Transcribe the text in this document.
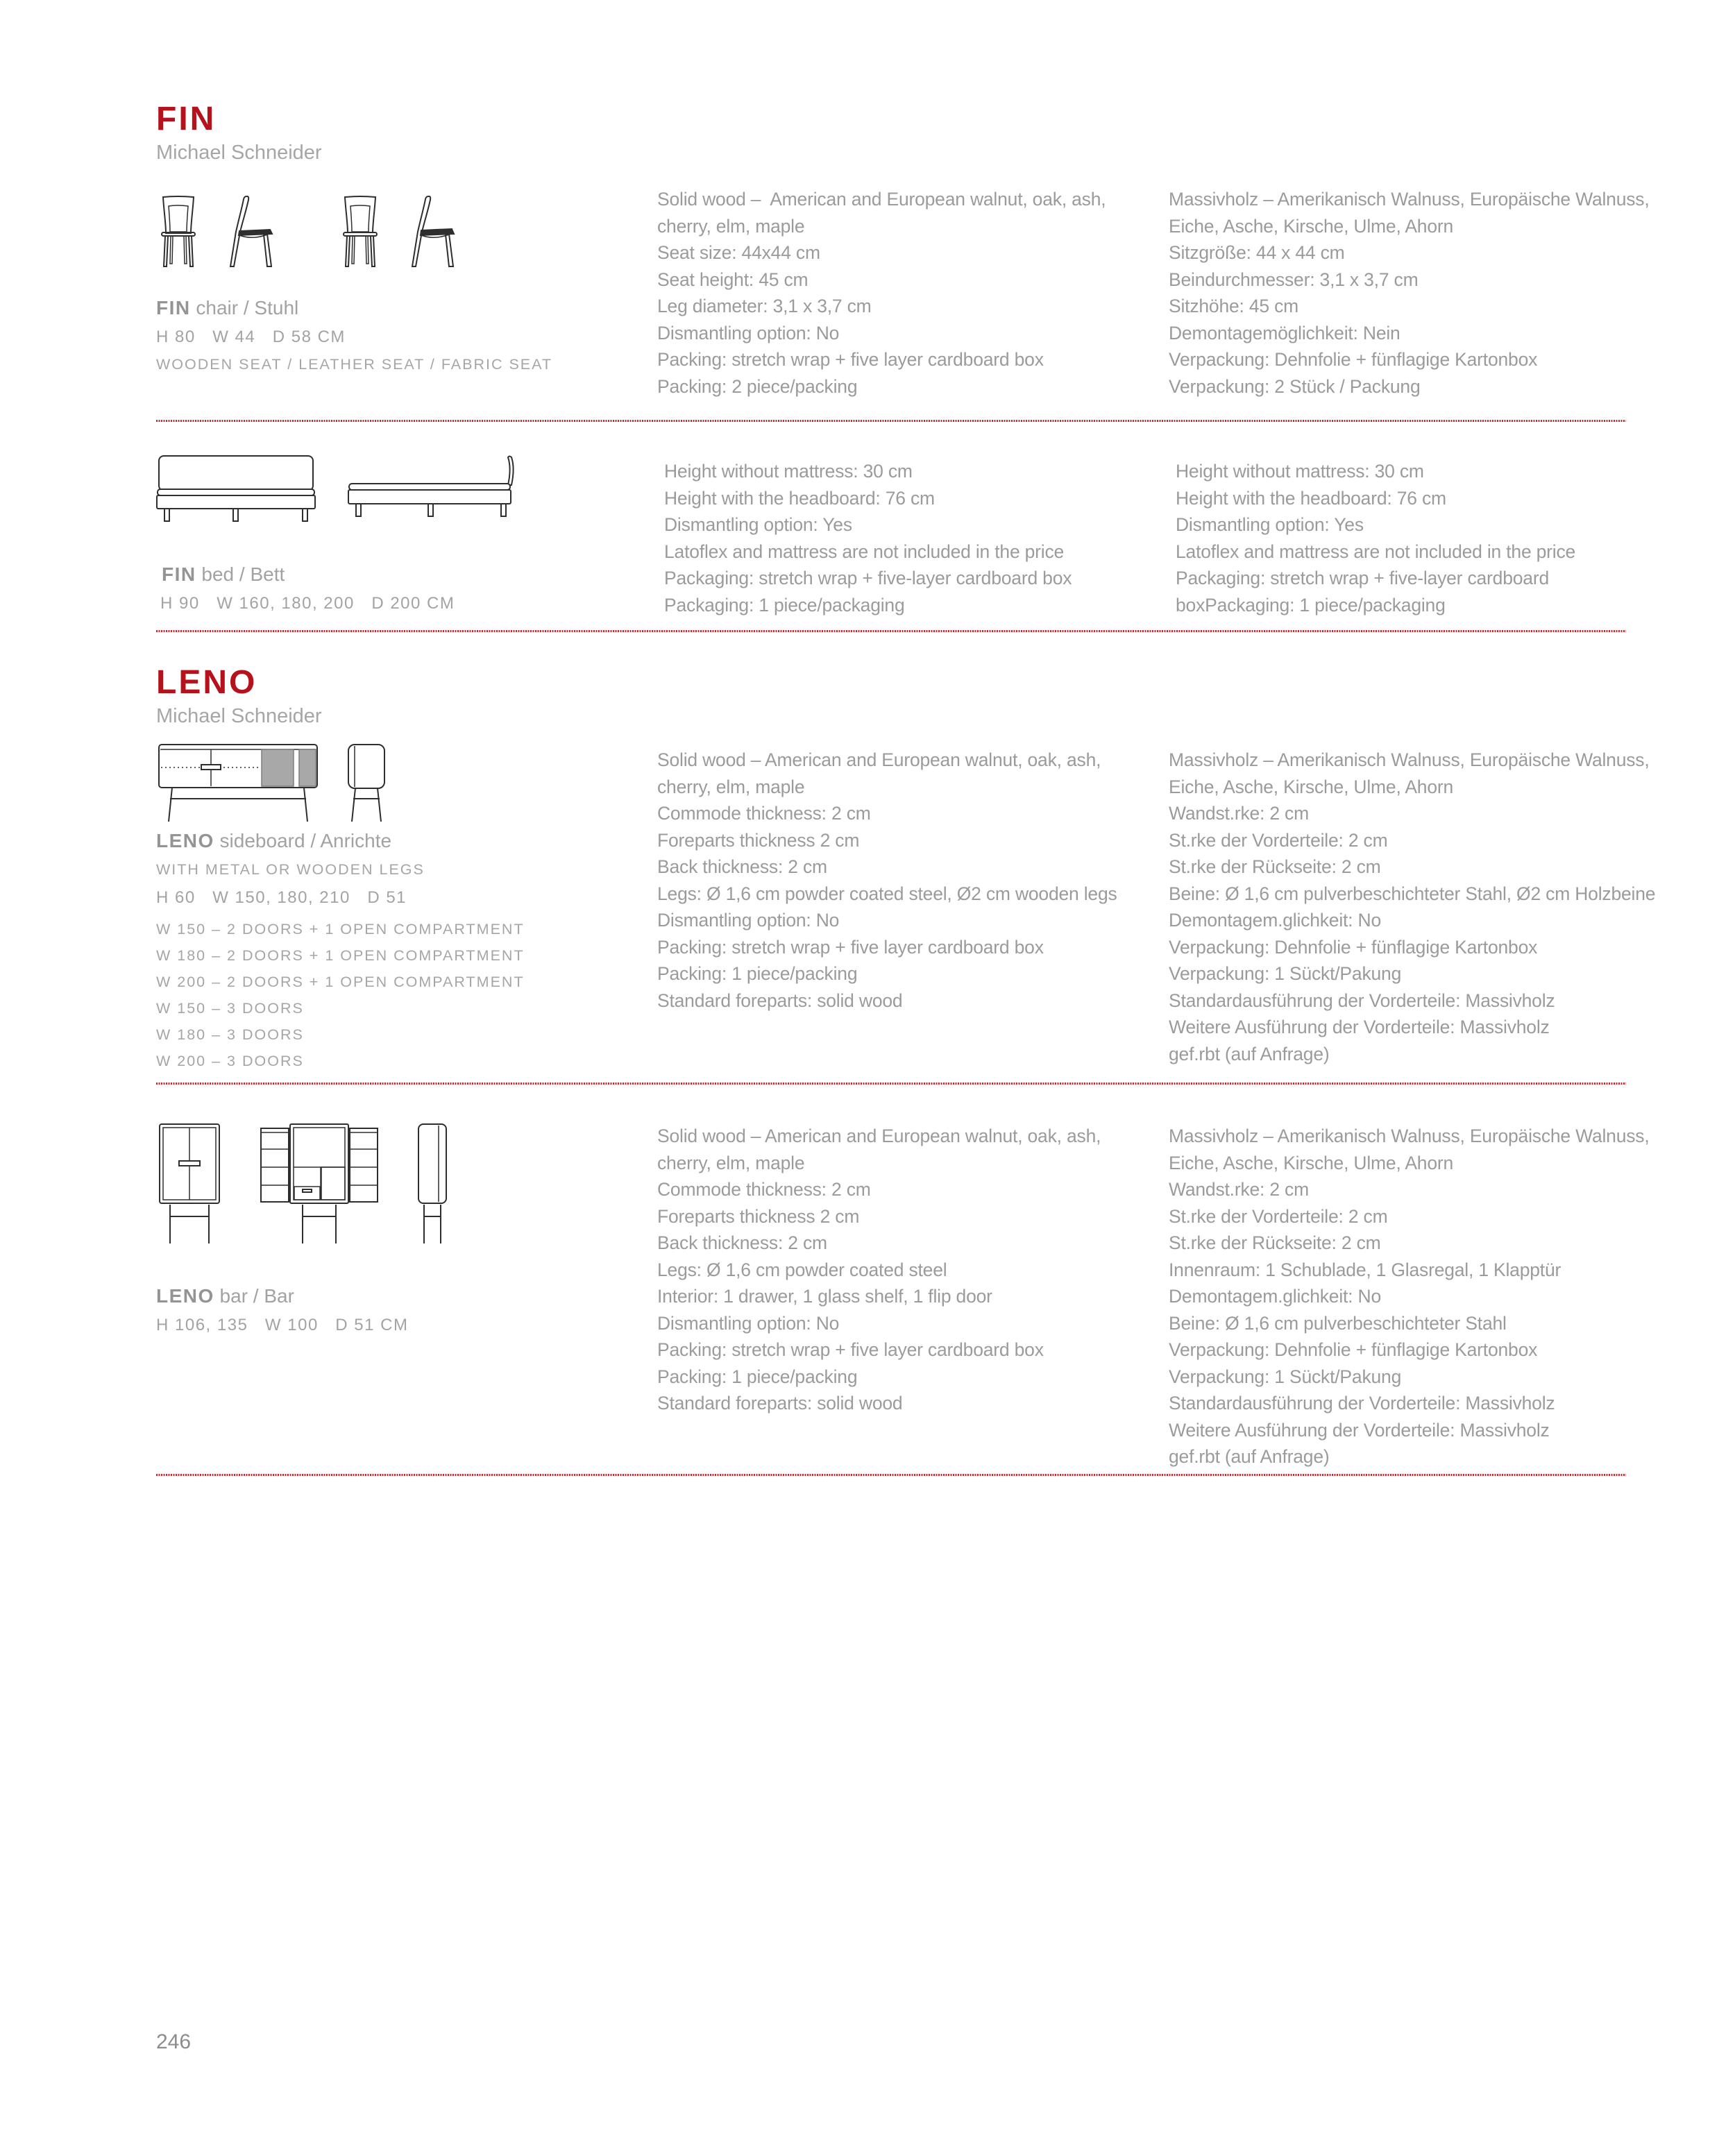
FIN
Michael Schneider
FIN chair / Stuhl
H 80   W 44   D 58 CM
WOODEN SEAT / LEATHER SEAT / FABRIC SEAT
Solid wood –  American and European walnut, oak, ash,
cherry, elm, maple
Seat size: 44x44 cm
Seat height: 45 cm
Leg diameter: 3,1 x 3,7 cm
Dismantling option: No
Packing: stretch wrap + five layer cardboard box
Packing: 2 piece/packing
Massivholz – Amerikanisch Walnuss, Europäische Walnuss,
Eiche, Asche, Kirsche, Ulme, Ahorn
Sitzgröße: 44 x 44 cm
Beindurchmesser: 3,1 x 3,7 cm
Sitzhöhe: 45 cm
Demontagemöglichkeit: Nein
Verpackung: Dehnfolie + fünflagige Kartonbox
Verpackung: 2 Stück / Packung
FIN bed / Bett
H 90   W 160, 180, 200   D 200 CM
Height without mattress: 30 cm
Height with the headboard: 76 cm
Dismantling option: Yes
Latoflex and mattress are not included in the price
Packaging: stretch wrap + five-layer cardboard box
Packaging: 1 piece/packaging
Height without mattress: 30 cm
Height with the headboard: 76 cm
Dismantling option: Yes
Latoflex and mattress are not included in the price
Packaging: stretch wrap + five-layer cardboard
boxPackaging: 1 piece/packaging
LENO
Michael Schneider
LENO sideboard / Anrichte
WITH METAL OR WOODEN LEGS
H 60   W 150, 180, 210   D 51
W 150 – 2 DOORS + 1 OPEN COMPARTMENT
W 180 – 2 DOORS + 1 OPEN COMPARTMENT
W 200 – 2 DOORS + 1 OPEN COMPARTMENT
W 150 – 3 DOORS
W 180 – 3 DOORS
W 200 – 3 DOORS
Solid wood – American and European walnut, oak, ash,
cherry, elm, maple
Commode thickness: 2 cm
Foreparts thickness 2 cm
Back thickness: 2 cm
Legs: Ø 1,6 cm powder coated steel, Ø2 cm wooden legs
Dismantling option: No
Packing: stretch wrap + five layer cardboard box
Packing: 1 piece/packing
Standard foreparts: solid wood
Massivholz – Amerikanisch Walnuss, Europäische Walnuss,
Eiche, Asche, Kirsche, Ulme, Ahorn
Wandst.rke: 2 cm
St.rke der Vorderteile: 2 cm
St.rke der Rückseite: 2 cm
Beine: Ø 1,6 cm pulverbeschichteter Stahl, Ø2 cm Holzbeine
Demontagem.glichkeit: No
Verpackung: Dehnfolie + fünflagige Kartonbox
Verpackung: 1 Sückt/Pakung
Standardausführung der Vorderteile: Massivholz
Weitere Ausführung der Vorderteile: Massivholz
gef.rbt (auf Anfrage)
LENO bar / Bar
H 106, 135   W 100   D 51 CM
Solid wood – American and European walnut, oak, ash,
cherry, elm, maple
Commode thickness: 2 cm
Foreparts thickness 2 cm
Back thickness: 2 cm
Legs: Ø 1,6 cm powder coated steel
Interior: 1 drawer, 1 glass shelf, 1 flip door
Dismantling option: No
Packing: stretch wrap + five layer cardboard box
Packing: 1 piece/packing
Standard foreparts: solid wood
Massivholz – Amerikanisch Walnuss, Europäische Walnuss,
Eiche, Asche, Kirsche, Ulme, Ahorn
Wandst.rke: 2 cm
St.rke der Vorderteile: 2 cm
St.rke der Rückseite: 2 cm
Innenraum: 1 Schublade, 1 Glasregal, 1 Klapptür
Demontagem.glichkeit: No
Beine: Ø 1,6 cm pulverbeschichteter Stahl
Verpackung: Dehnfolie + fünflagige Kartonbox
Verpackung: 1 Sückt/Pakung
Standardausführung der Vorderteile: Massivholz
Weitere Ausführung der Vorderteile: Massivholz
gef.rbt (auf Anfrage)
246
